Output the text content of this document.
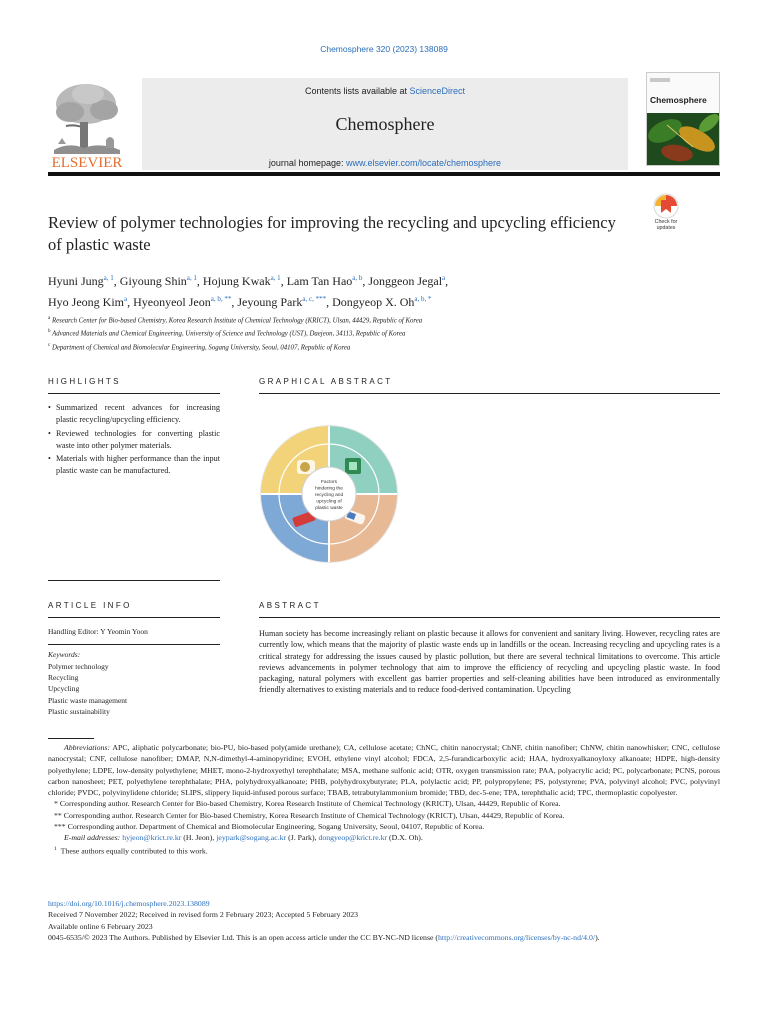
Chemosphere 320 (2023) 138089
ELSEVIER
Contents lists available at ScienceDirect
Chemosphere
journal homepage: www.elsevier.com/locate/chemosphere
Chemosphere
Review of polymer technologies for improving the recycling and upcycling efficiency of plastic waste
Check for
updates
Hyuni Jung$^{a, 1}$, Giyoung Shin$^{a, 1}$, Hojung Kwak$^{a, 1}$, Lam Tan Hao$^{a, b}$, Jonggeon Jegal$^a$,
Hyo Jeong Kim$^a$, Hyeonyeol Jeon$^{a, b, **}$, Jeyoung Park$^{a, c, ***}$, Dongyeop X. $Oh^{a, b, *}$
$^a$ Research Center for Bio-based Chemistry, Korea Research Institute of Chemical Technology (KRICT), Ulsan, 44429, Republic of Korea
$^b$ Advanced Materials and Chemical Engineering, University of Science and Technology (UST), Daejeon, 34113, Republic of Korea
$^c$ Department of Chemical and Biomolecular Engineering, Sogang University, Seoul, 04107, Republic of Korea
HIGHLIGHTS
• Summarized recent advances for increasing plastic recycling/upcycling efficiency.
• Reviewed technologies for converting plastic waste into other polymer materials.
• Materials with higher performance than the input plastic waste can be manufactured.
GRAPHICAL ABSTRACT
Factors
hindering the
recycling and
upcycling of
plastic waste
ARTICLE INFO
Handling Editor: Y Yeomin Yoon
Keywords:
Polymer technology
Recycling
Upcycling
Plastic waste management
Plastic sustainability
ABSTRACT
Human society has become increasingly reliant on plastic because it allows for convenient and sanitary living. However, recycling rates are currently low, which means that the majority of plastic waste ends up in landfills or the ocean. Increasing recycling and upcycling rates is a critical strategy for addressing the issues caused by plastic pollution, but there are several technical limitations to overcome. This article reviews advancements in polymer technology that aim to improve the efficiency of recycling and upcycling plastic waste. In food packaging, natural polymers with excellent gas barrier properties and self-cleaning abilities have been introduced as environmentally friendly alternatives to existing materials and to reduce food-derived contamination. Upcycling
Abbreviations: APC, aliphatic polycarbonate; bio-PU, bio-based poly(amide urethane); CA, cellulose acetate; ChNC, chitin nanocrystal; ChNF, chitin nanofiber; ChNW, chitin nanowhisker; CNC, cellulose nanocrystal; CNF, cellulose nanofiber; DMAP, N,N-dimethyl-4-aminopyridine; EVOH, ethylene vinyl alcohol; FDCA, 2,5-furandicarboxylic acid; HAA, hydroxyalkanoyloxy alkanoate; HDPE, high-density polyethylene; LDPE, low-density polyethylene; MHET, mono-2-hydroxyethyl terephthalate; MSA, methane sulfonic acid; OTR, oxygen transmission rate; PAA, polyacrylic acid; PC, polycarbonate; PCNS, porous carbon nanosheet; PET, polyethylene terephthalate; PHA, polyhydroxyalkanoate; PHB, polyhydroxybutyrate; PLA, polylactic acid; PP, polypropylene; PS, polystyrene; PVA, polyvinyl alcohol; PVC, polyvinyl chloride; PVDC, polyvinylidene chloride; SLIPS, slippery liquid-infused porous surface; TBAB, tetrabutylammonium bromide; TBD, dec-5-ene; TPA, terephthalic acid; TPC, thermoplastic copolyester.
* Corresponding author. Research Center for Bio-based Chemistry, Korea Research Institute of Chemical Technology (KRICT), Ulsan, 44429, Republic of Korea.
** Corresponding author. Research Center for Bio-based Chemistry, Korea Research Institute of Chemical Technology (KRICT), Ulsan, 44429, Republic of Korea.
*** Corresponding author. Department of Chemical and Biomolecular Engineering, Sogang University, Seoul, 04107, Republic of Korea.
E-mail addresses: hyjeon@krict.re.kr (H. Jeon), jeypark@sogang.ac.kr (J. Park), dongyeop@krict.re.kr (D.X. Oh).
$^1$ These authors equally contributed to this work.
https://doi.org/10.1016/j.chemosphere.2023.138089
Received 7 November 2022; Received in revised form 2 February 2023; Accepted 5 February 2023
Available online 6 February 2023
0045-6535/© 2023 The Authors. Published by Elsevier Ltd. This is an open access article under the CC BY-NC-ND license (http://creativecommons.org/licenses/by-nc-nd/4.0/).
